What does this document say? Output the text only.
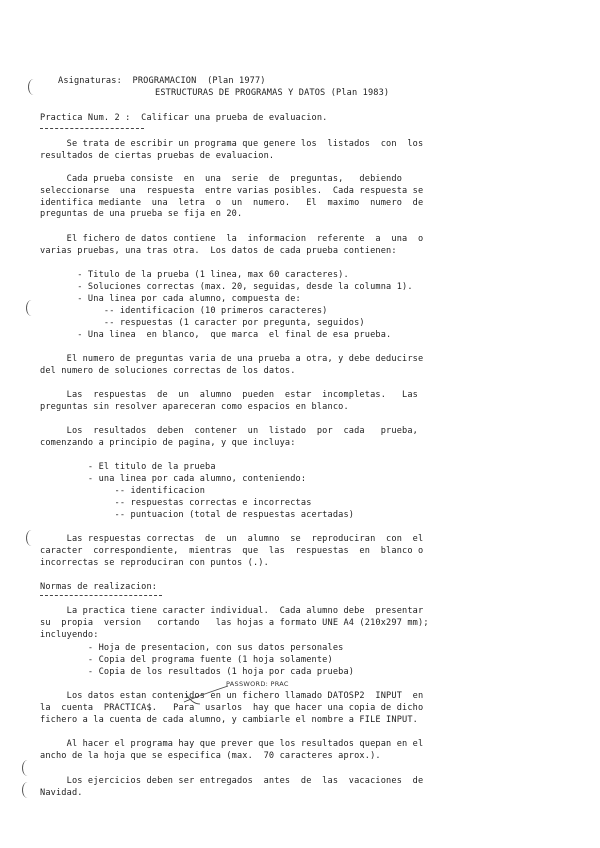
Asignaturas:  PROGRAMACION  (Plan 1977)
ESTRUCTURAS DE PROGRAMAS Y DATOS (Plan 1983)
Practica Num. 2 :  Calificar una prueba de evaluacion.
Se trata de escribir un programa que genere los  listados  con  los
resultados de ciertas pruebas de evaluacion.
Cada prueba consiste  en  una  serie  de  preguntas,   debiendo
seleccionarse  una  respuesta  entre varias posibles.  Cada respuesta se
identifica mediante  una  letra  o  un  numero.   El  maximo  numero  de
preguntas de una prueba se fija en 20.
El fichero de datos contiene  la  informacion  referente  a  una  o
varias pruebas, una tras otra.  Los datos de cada prueba contienen:
- Titulo de la prueba (1 linea, max 60 caracteres).
- Soluciones correctas (max. 20, seguidas, desde la columna 1).
- Una linea por cada alumno, compuesta de:
-- identificacion (10 primeros caracteres)
-- respuestas (1 caracter por pregunta, seguidos)
- Una linea  en blanco,  que marca  el final de esa prueba.
El numero de preguntas varia de una prueba a otra, y debe deducirse
del numero de soluciones correctas de los datos.
Las  respuestas  de  un  alumno  pueden  estar  incompletas.   Las
preguntas sin resolver apareceran como espacios en blanco.
Los  resultados  deben  contener  un  listado  por  cada   prueba,
comenzando a principio de pagina, y que incluya:
- El titulo de la prueba
- una linea por cada alumno, conteniendo:
-- identificacion
-- respuestas correctas e incorrectas
-- puntuacion (total de respuestas acertadas)
Las respuestas correctas  de  un  alumno  se  reproduciran  con  el
caracter  correspondiente,  mientras  que  las  respuestas  en  blanco o
incorrectas se reproduciran con puntos (.).
Normas de realizacion:
La practica tiene caracter individual.  Cada alumno debe  presentar
su  propia  version   cortando   las hojas a formato UNE A4 (210x297 mm);
incluyendo:
- Hoja de presentacion, con sus datos personales
- Copia del programa fuente (1 hoja solamente)
- Copia de los resultados (1 hoja por cada prueba)
PASSWORD: PRAC
Los datos estan contenidos en un fichero llamado DATOSP2  INPUT  en
la  cuenta  PRACTICA$.   Para  usarlos  hay que hacer una copia de dicho
fichero a la cuenta de cada alumno, y cambiarle el nombre a FILE INPUT.
Al hacer el programa hay que prever que los resultados quepan en el
ancho de la hoja que se especifica (max.  70 caracteres aprox.).
Los ejercicios deben ser entregados  antes  de  las  vacaciones  de
Navidad.
